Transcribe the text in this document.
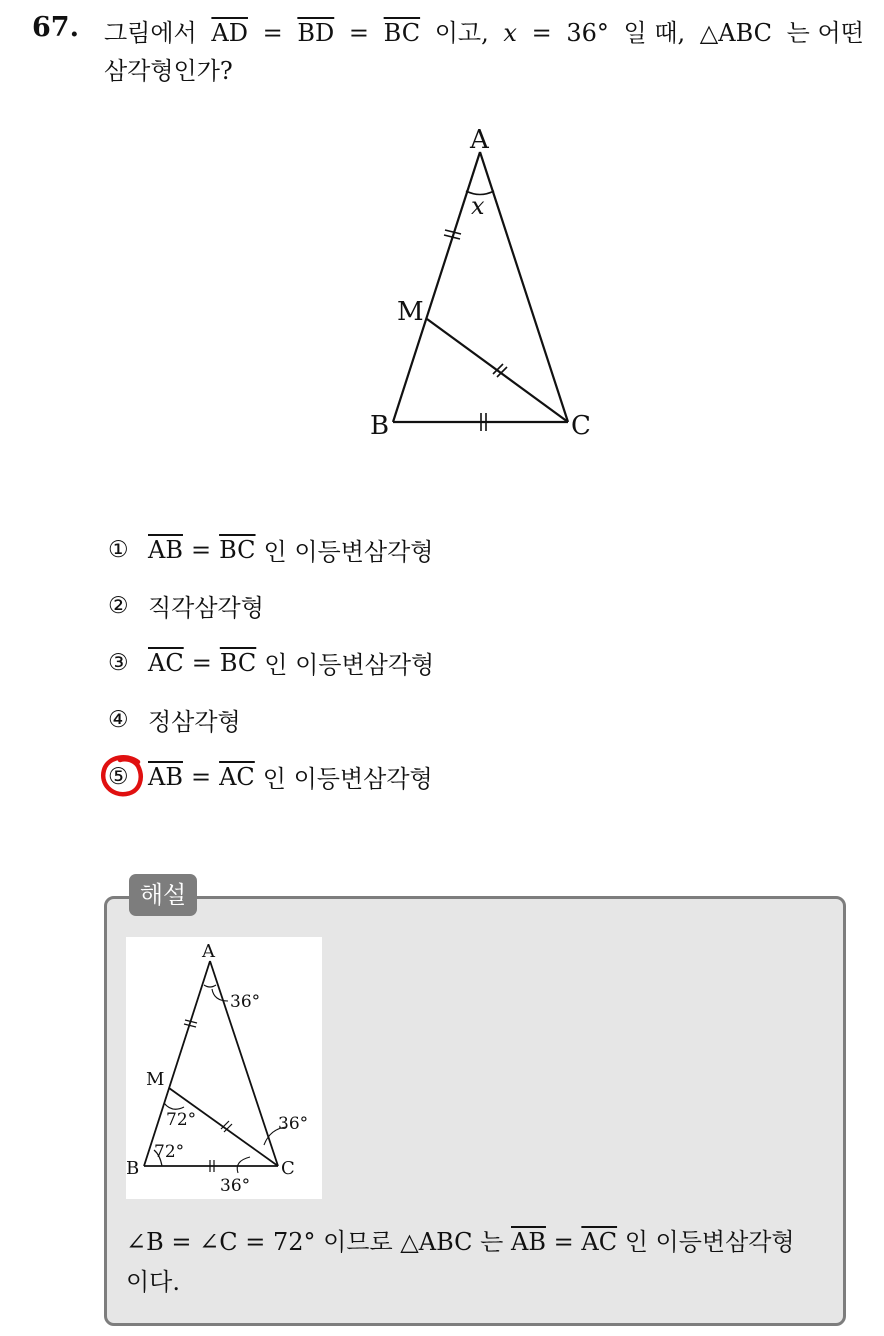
67. 그림에서 $\overline{AD} = \overline{BD} = \overline{BC}$ 이고, x = 36° 일 때, △ABC 는 어떤
삼각형인가?
A
M
B	C
x
① $\overline{AB} = \overline{BC}$ 인 이등변삼각형
② 직각삼각형
③ $\overline{AC} = \overline{BC}$ 인 이등변삼각형
④ 정삼각형
⑤ $\overline{AB} = \overline{AC}$ 인 이등변삼각형
해설
A
M
B	C
36°
72°
72°
36°
36°
∠B = ∠C = 72° 이므로 △ABC 는 $\overline{AB} = \overline{AC}$ 인 이등변삼각형
이다.
